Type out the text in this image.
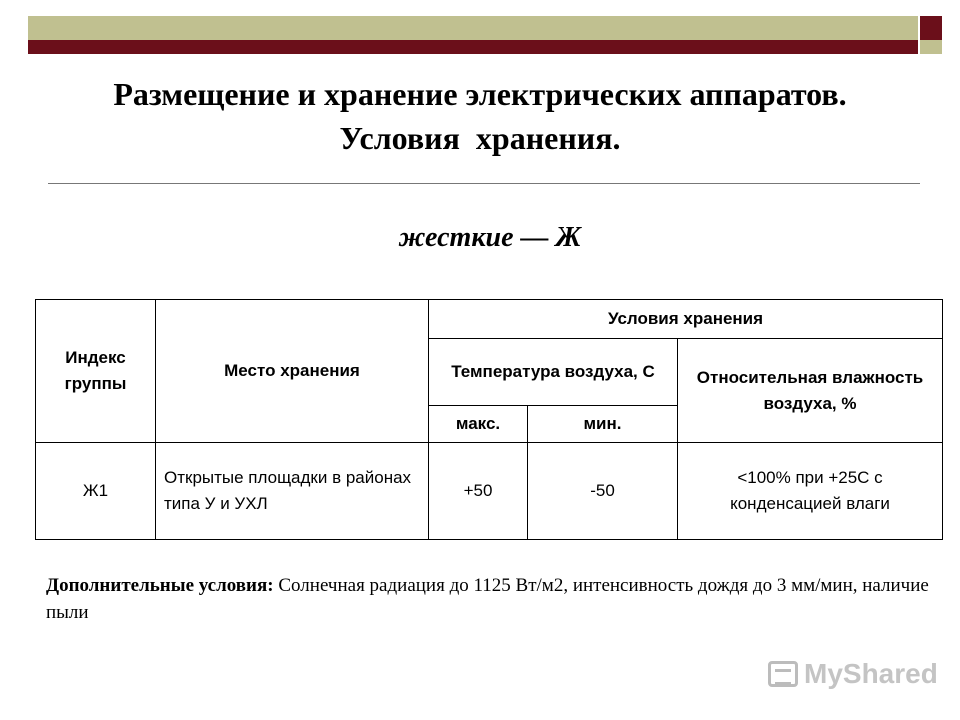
Размещение и хранение электрических аппаратов.
Условия  хранения.
жесткие — Ж
Индекс группы	Место хранения	Условия хранения		
		Температура воздуха, С		Относительная влажность воздуха, %
		макс.	мин.	
Ж1	Открытые площадки в районах типа У и УХЛ	+50	-50	<100% при +25С с конденсацией влаги
Дополнительные условия: Солнечная радиация до 1125 Вт/м2, интенсивность дождя до 3 мм/мин, наличие пыли
MyShared
